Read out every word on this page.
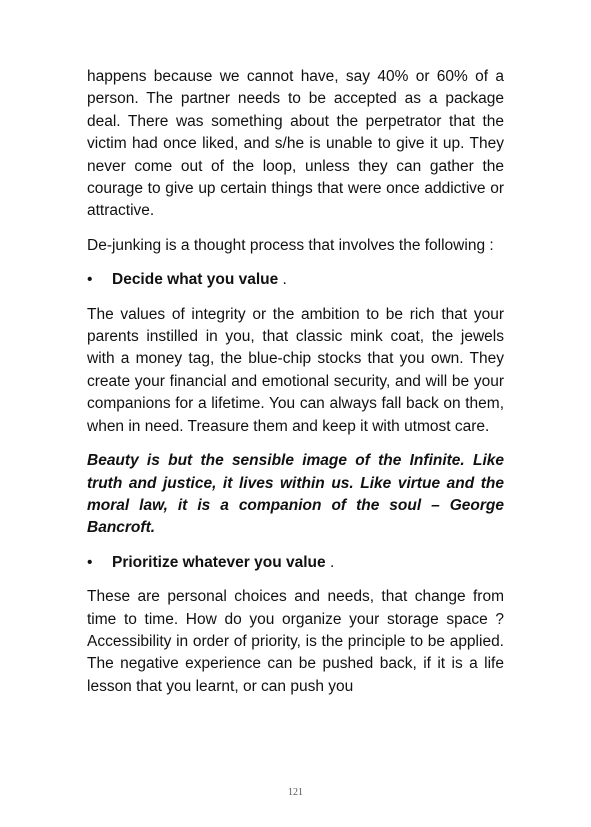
happens because we cannot have, say 40% or 60% of a person. The partner needs to be accepted as a package deal. There was something about the perpetrator that the victim had once liked, and s/he is unable to give it up. They never come out of the loop, unless they can gather the courage to give up certain things that were once addictive or attractive.

De-junking is a thought process that involves the following :

•	Decide what you value .

The values of integrity or the ambition to be rich that your parents instilled in you, that classic mink coat, the jewels with a money tag, the blue-chip stocks that you own. They create your financial and emotional security, and will be your companions for a lifetime. You can always fall back on them, when in need. Treasure them and keep it with utmost care.

Beauty is but the sensible image of the Infinite. Like truth and justice, it lives within us. Like virtue and the moral law, it is a companion of the soul – George Bancroft.

•	Prioritize whatever you value .

These are personal choices and needs, that change from time to time. How do you organize your storage space ? Accessibility in order of priority, is the principle to be applied. The negative experience can be pushed back, if it is a life lesson that you learnt, or can push you

121
